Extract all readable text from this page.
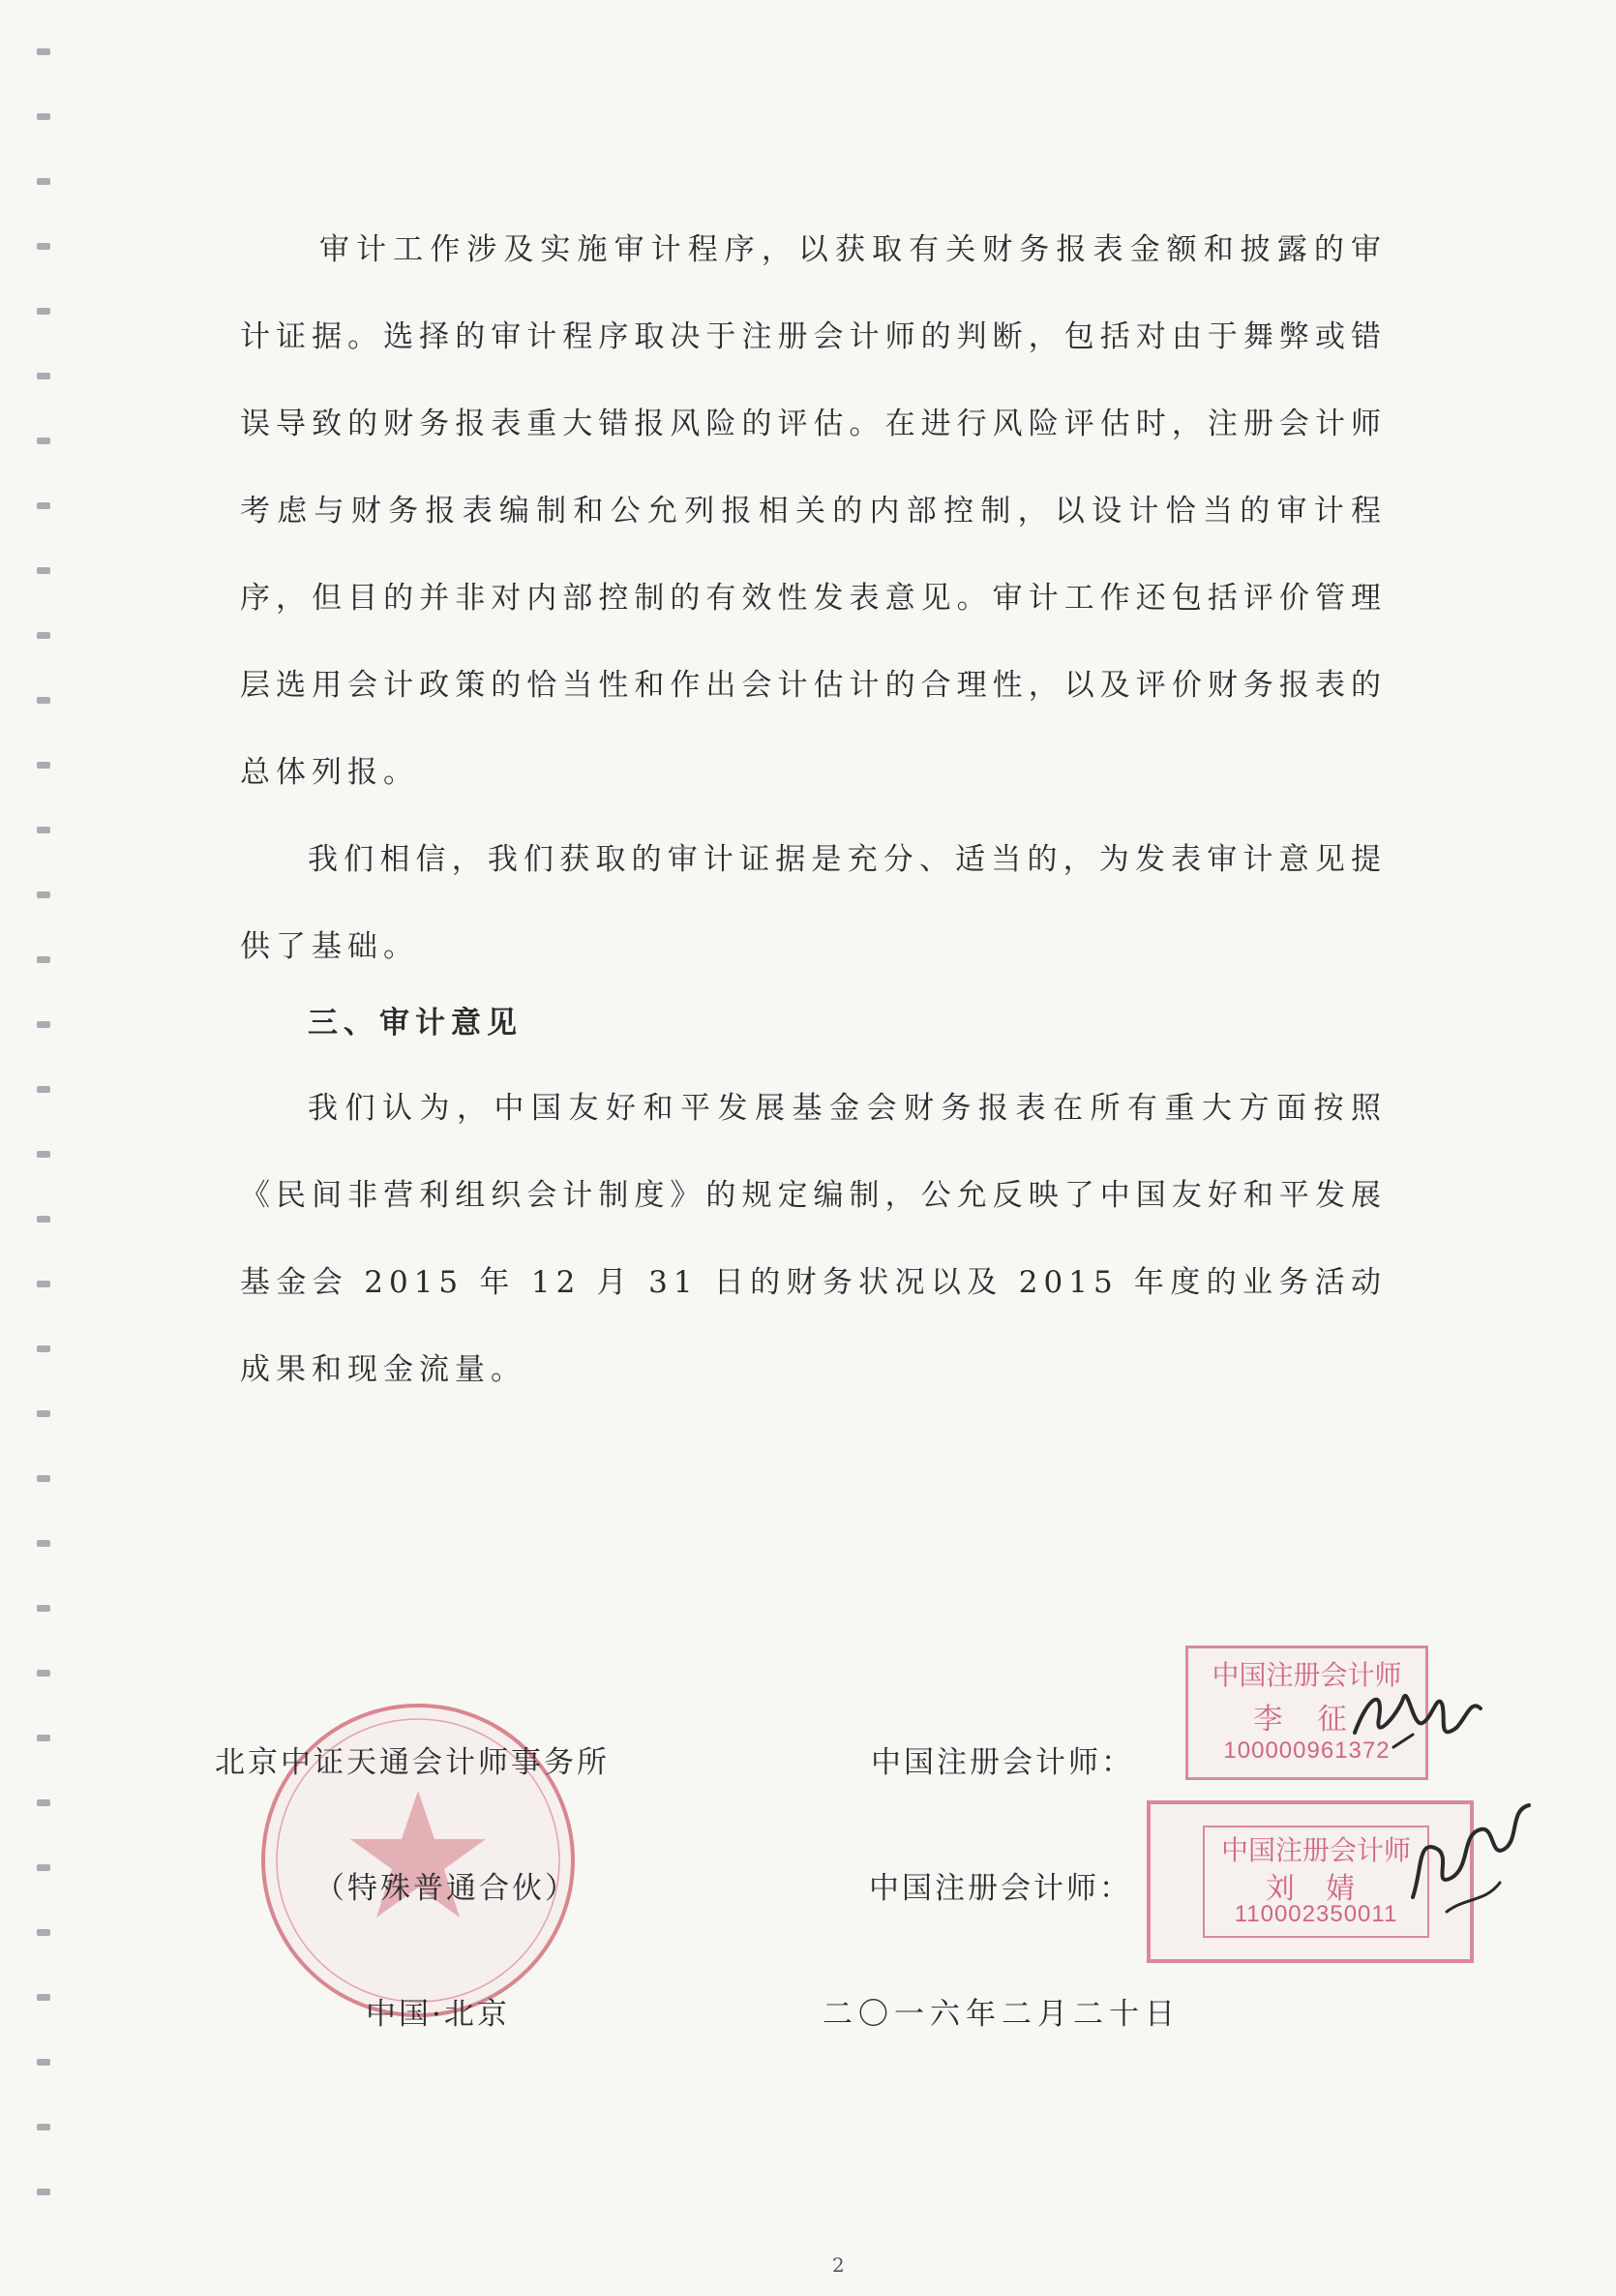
审计工作涉及实施审计程序，以获取有关财务报表金额和披露的审计证据。选择的审计程序取决于注册会计师的判断，包括对由于舞弊或错误导致的财务报表重大错报风险的评估。在进行风险评估时，注册会计师考虑与财务报表编制和公允列报相关的内部控制，以设计恰当的审计程序，但目的并非对内部控制的有效性发表意见。审计工作还包括评价管理层选用会计政策的恰当性和作出会计估计的合理性，以及评价财务报表的总体列报。

我们相信，我们获取的审计证据是充分、适当的，为发表审计意见提供了基础。

三、审计意见

我们认为，中国友好和平发展基金会财务报表在所有重大方面按照《民间非营利组织会计制度》的规定编制，公允反映了中国友好和平发展基金会 2015 年 12 月 31 日的财务状况以及 2015 年度的业务活动成果和现金流量。

北京中证天通会计师事务所
（特殊普通合伙）
中国·北京
中国注册会计师：
中国注册会计师：
二〇一六年二月二十日
中国注册会计师
李 征
100000961372
中国注册会计师
刘 婧
110002350011
2
